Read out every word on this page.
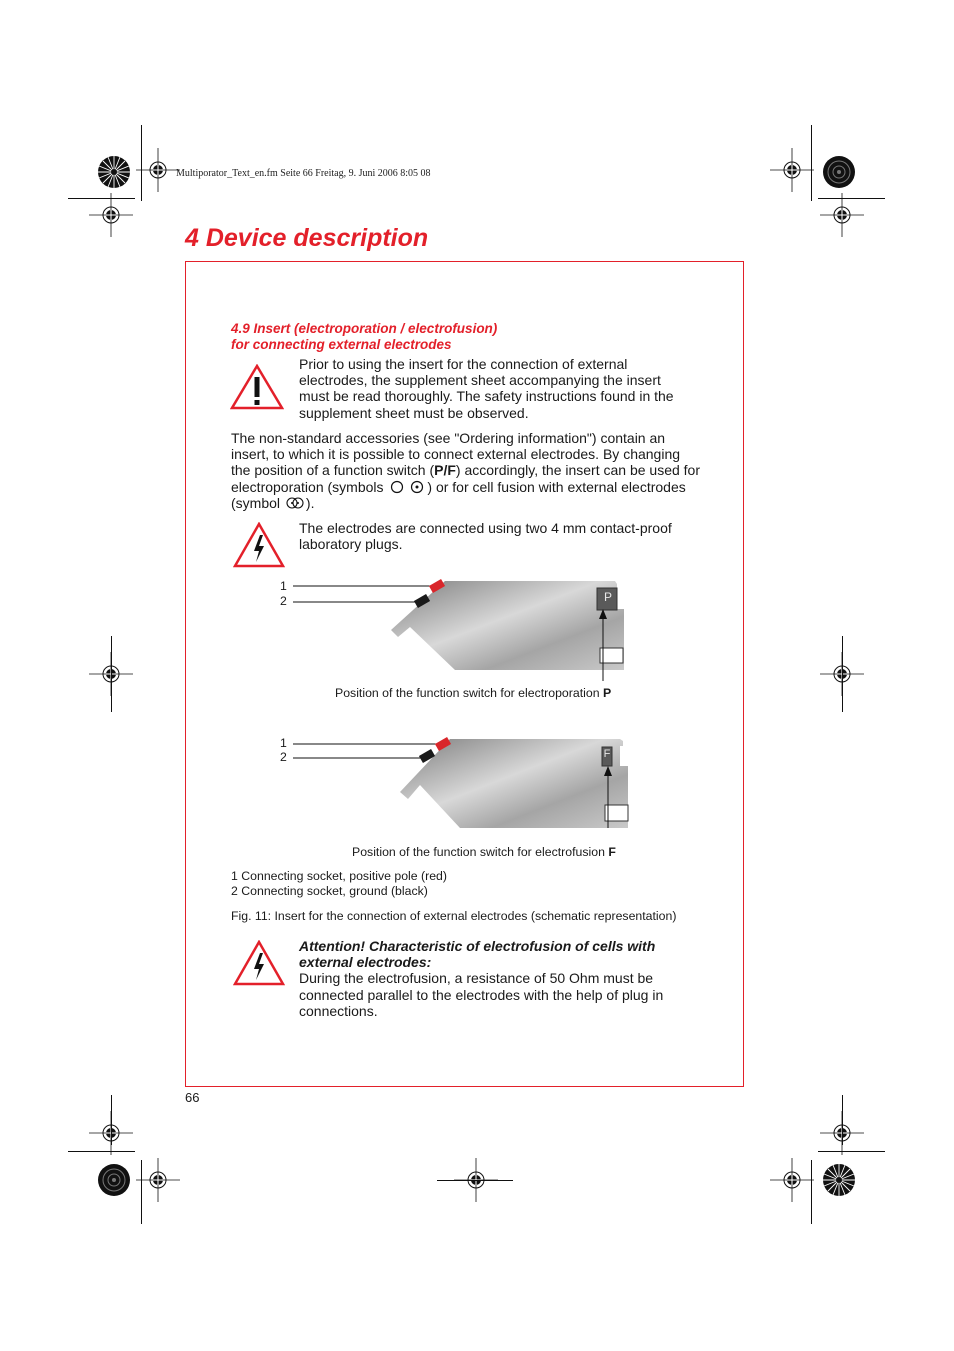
Multiporator_Text_en.fm Seite 66 Freitag, 9. Juni 2006 8:05 08
4 Device description
4.9 Insert (electroporation / electrofusion)
for connecting external electrodes
Prior to using the insert for the connection of external electrodes, the supplement sheet accompanying the insert must be read thoroughly. The safety instructions found in the supplement sheet must be observed.
The non-standard accessories (see "Ordering information") contain an insert, to which it is possible to connect external electrodes. By changing the position of a function switch (P/F) accordingly, the insert can be used for electroporation (symbols	) or for cell fusion with external electrodes (symbol ).
The electrodes are connected using two 4 mm contact-proof laboratory plugs.
1
2	P
Position of the function switch for electroporation P
1
2	F
Position of the function switch for electrofusion F
1 Connecting socket, positive pole (red)
2 Connecting socket, ground (black)
Fig. 11: Insert for the connection of external electrodes (schematic representation)
Attention! Characteristic of electrofusion of cells with external electrodes:
During the electrofusion, a resistance of 50 Ohm must be connected parallel to the electrodes with the help of plug in connections.
66
